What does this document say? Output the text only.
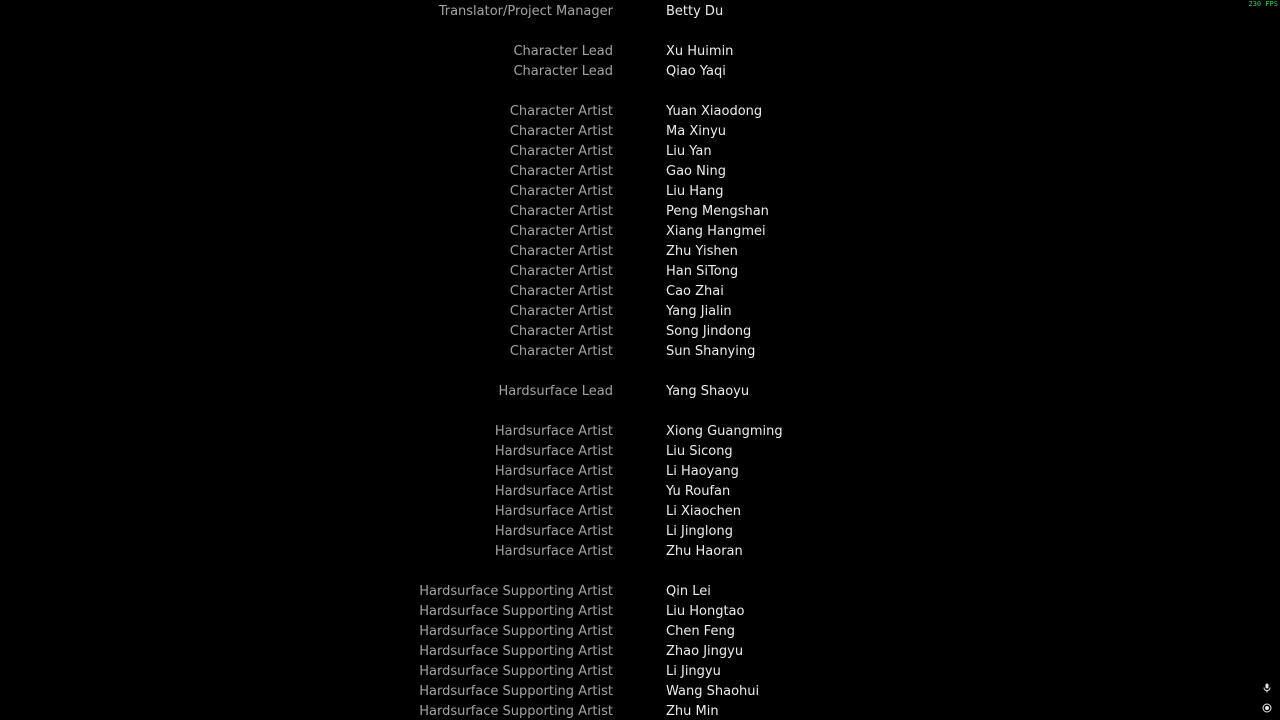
Translator/Project Manager	Betty Du
Character Lead	Xu Huimin
Character Lead	Qiao Yaqi
Character Artist	Yuan Xiaodong
Character Artist	Ma Xinyu
Character Artist	Liu Yan
Character Artist	Gao Ning
Character Artist	Liu Hang
Character Artist	Peng Mengshan
Character Artist	Xiang Hangmei
Character Artist	Zhu Yishen
Character Artist	Han SiTong
Character Artist	Cao Zhai
Character Artist	Yang Jialin
Character Artist	Song Jindong
Character Artist	Sun Shanying
Hardsurface Lead	Yang Shaoyu
Hardsurface Artist	Xiong Guangming
Hardsurface Artist	Liu Sicong
Hardsurface Artist	Li Haoyang
Hardsurface Artist	Yu Roufan
Hardsurface Artist	Li Xiaochen
Hardsurface Artist	Li Jinglong
Hardsurface Artist	Zhu Haoran
Hardsurface Supporting Artist	Qin Lei
Hardsurface Supporting Artist	Liu Hongtao
Hardsurface Supporting Artist	Chen Feng
Hardsurface Supporting Artist	Zhao Jingyu
Hardsurface Supporting Artist	Li Jingyu
Hardsurface Supporting Artist	Wang Shaohui
Hardsurface Supporting Artist	Zhu Min
230 FPS
